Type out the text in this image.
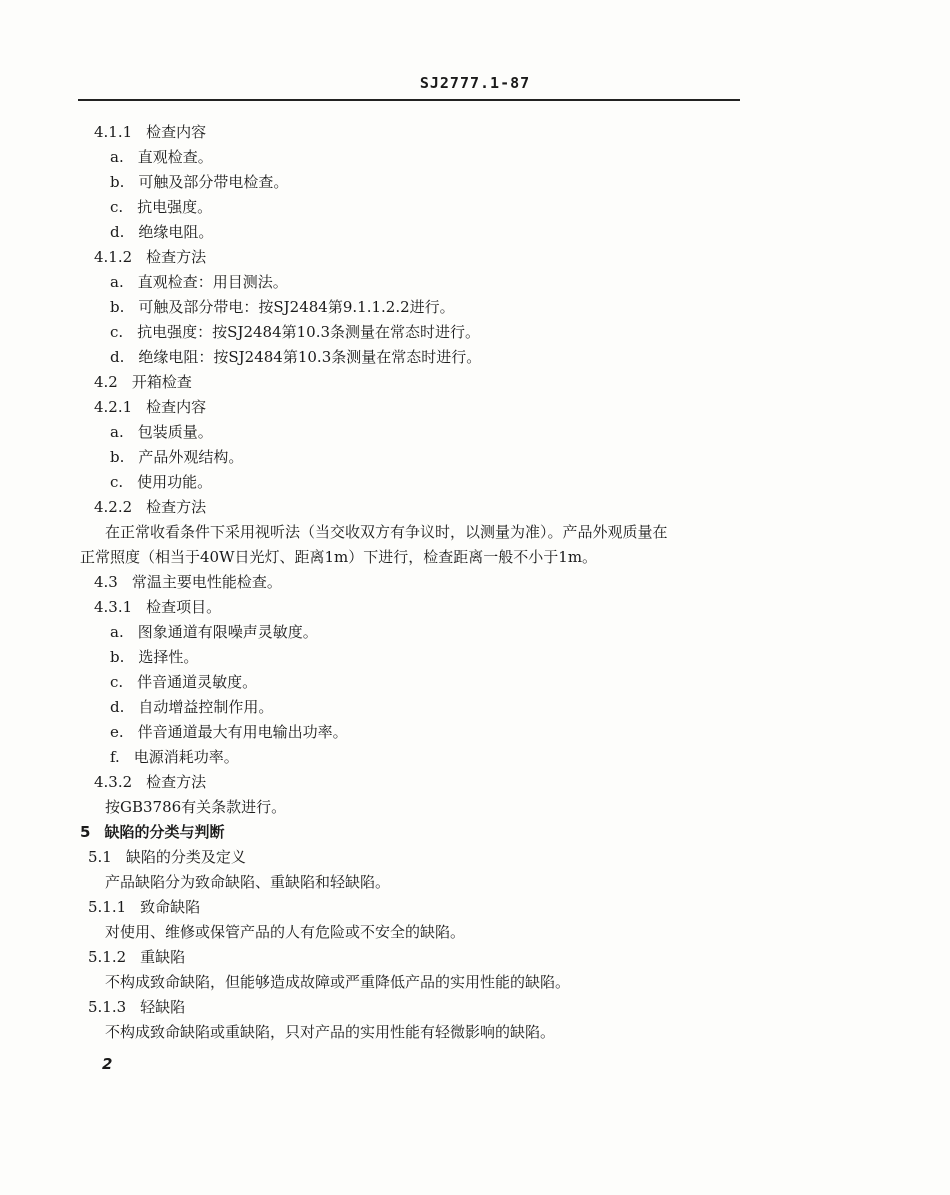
SJ2777.1-87
4.1.1 检查内容
a. 直观检查。
b. 可触及部分带电检查。
c. 抗电强度。
d. 绝缘电阻。
4.1.2 检查方法
a. 直观检查：用目测法。
b. 可触及部分带电：按SJ2484第9.1.1.2.2进行。
c. 抗电强度：按SJ2484第10.3条测量在常态时进行。
d. 绝缘电阻：按SJ2484第10.3条测量在常态时进行。
4.2 开箱检查
4.2.1 检查内容
a. 包装质量。
b. 产品外观结构。
c. 使用功能。
4.2.2 检查方法
在正常收看条件下采用视听法（当交收双方有争议时，以测量为准）。产品外观质量在
正常照度（相当于40W日光灯、距离1m）下进行，检查距离一般不小于1m。
4.3 常温主要电性能检查。
4.3.1 检查项目。
a. 图象通道有限噪声灵敏度。
b. 选择性。
c. 伴音通道灵敏度。
d. 自动增益控制作用。
e. 伴音通道最大有用电输出功率。
f. 电源消耗功率。
4.3.2 检查方法
按GB3786有关条款进行。
5 缺陷的分类与判断
5.1 缺陷的分类及定义
产品缺陷分为致命缺陷、重缺陷和轻缺陷。
5.1.1 致命缺陷
对使用、维修或保管产品的人有危险或不安全的缺陷。
5.1.2 重缺陷
不构成致命缺陷，但能够造成故障或严重降低产品的实用性能的缺陷。
5.1.3 轻缺陷
不构成致命缺陷或重缺陷，只对产品的实用性能有轻微影响的缺陷。
2
